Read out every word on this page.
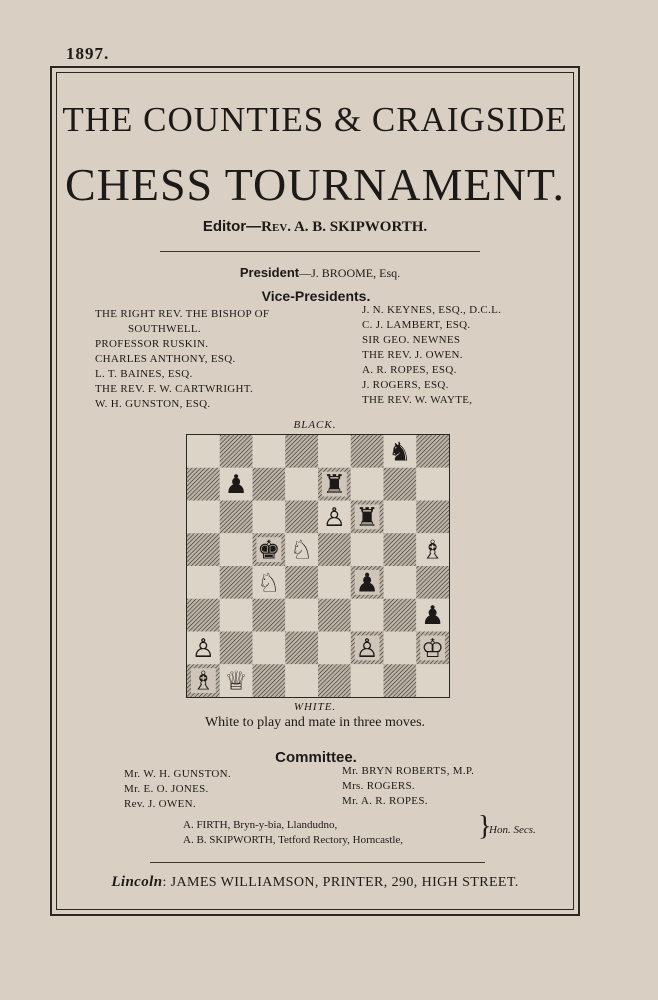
1897.
THE COUNTIES & CRAIGSIDE
CHESS TOURNAMENT.
Editor—Rev. A. B. SKIPWORTH.
President—J. BROOME, Esq.
Vice-Presidents.
THE RIGHT REV. THE BISHOP OF
SOUTHWELL.
PROFESSOR RUSKIN.
CHARLES ANTHONY, ESQ.
L. T. BAINES, ESQ.
THE REV. F. W. CARTWRIGHT.
W. H. GUNSTON, ESQ.
J. N. KEYNES, ESQ., D.C.L.
C. J. LAMBERT, ESQ.
SIR GEO. NEWNES
THE REV. J. OWEN.
A. R. ROPES, ESQ.
J. ROGERS, ESQ.
THE REV. W. WAYTE,
BLACK.
♞
♟	♜
♙ ♜
♚ ♘	♗
♘	♟
♟
♔
♙	♙
♗ ♕
WHITE.
White to play and mate in three moves.
Committee.
Mr. W. H. GUNSTON.
Mr. E. O. JONES.
Rev. J. OWEN.
Mr. BRYN ROBERTS, M.P.
Mrs. ROGERS.
Mr. A. R. ROPES.
A. FIRTH, Bryn-y-bia, Llandudno,
A. B. SKIPWORTH, Tetford Rectory, Horncastle,	}
Hon. Secs.
Lincoln: JAMES WILLIAMSON, PRINTER, 290, HIGH STREET.
